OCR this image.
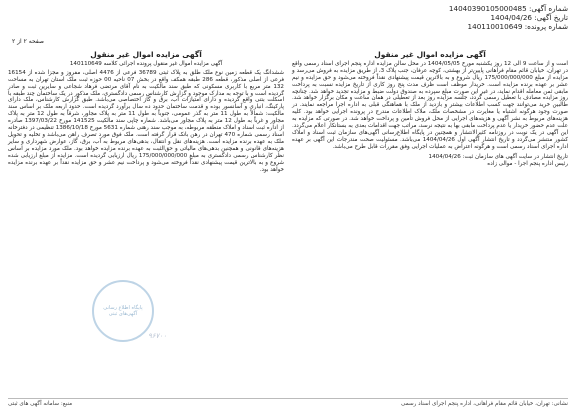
شماره آگهی: 14040390105000485
تاریخ آگهی: 1404/04/26
شماره پرونده: 140110010649
صفحه ۲ از ۲
آگهی مزایده اموال غیر منقول

است و از ساعت 9 الی 12 روز یکشنبه مورخ 1404/05/05 در محل سالن مزایده اداره پنجم اجرای اسناد رسمی واقع در تهران، خیابان قائم مقام فراهانی پایین‌تر از بهشتی، کوچه عرفان، جنب پلاک 3، از طریق مزایده به فروش می‌رسد و مزایده از مبلغ 175/000/000/000 ریال شروع و به بالاترین قیمت پیشنهادی نقداً فروخته می‌شود و حق مزایده و نیم عشر بر عهده برنده مزایده است. خریدار موظف است ظرف مدت پنج روز کاری از تاریخ مزایده نسبت به پرداخت مابقی ثمن معامله اقدام نماید، در غیر این صورت مبلغ سپرده به صندوق دولت ضبط و مزایده تجدید خواهد شد. چنانچه روز مزایده مصادف با تعطیل رسمی گردد، جلسه مزایده روز بعد از تعطیلی در همان ساعت و مکان برگزار خواهد شد. طالبین خرید می‌توانند جهت کسب اطلاعات بیشتر و بازدید از ملک با هماهنگی قبلی به اداره اجرا مراجعه نمایند. در صورت وجود هرگونه اشتباه یا مغایرت در مشخصات ملک، ملاک اطلاعات مندرج در پرونده اجرایی خواهد بود. کلیه هزینه‌های مربوط به نشر آگهی و هزینه‌های اجرایی از محل فروش تأمین و پرداخت خواهد شد. در صورتی که مزایده به علت عدم حضور خریدار یا عدم پرداخت مابقی بها به نتیجه نرسد، مراتب جهت اقدامات بعدی به بستانکار اعلام می‌گردد. این آگهی در یک نوبت در روزنامه کثیرالانتشار و همچنین در پایگاه اطلاع‌رسانی آگهی‌های سازمان ثبت اسناد و املاک کشور منتشر می‌گردد و تاریخ انتشار آگهی اول 1404/04/26 می‌باشد. مسئولیت صحت مندرجات این آگهی بر عهده اداره اجرای اسناد رسمی است و هرگونه اعتراض به عملیات اجرایی وفق مقررات قابل طرح می‌باشد.

تاریخ انتشار در سایت آگهی های سازمان ثبت: 1404/04/26

رئیس اداره پنجم اجرا - موالی زاده

آگهی مزایده اموال غیر منقول

آگهی مزایده اموال غیر منقول پرونده اجرائی کلاسه 140110649

ششدانگ یک قطعه زمین نوع ملک طلق به پلاک ثبتی 36789 فرعی از 4476 اصلی، مفروز و مجزا شده از 16154 فرعی از اصلی مذکور، قطعه 286 طبقه همکف واقع در بخش 07 ناحیه 00 حوزه ثبت ملک استان تهران به مساحت 132 متر مربع با کاربری مسکونی که طبق سند مالکیت به نام آقای مرتضی فرهاد شجاعی و سایرین ثبت و صادر گردیده است و با توجه به مدارک موجود و گزارش کارشناس رسمی دادگستری، ملک مذکور در یک ساختمان چند طبقه با اسکلت بتنی واقع گردیده و دارای امتیازات آب، برق و گاز اختصاصی می‌باشد. طبق گزارش کارشناس، ملک دارای پارکینگ، انباری و آسانسور بوده و قدمت ساختمان حدود ده سال برآورد گردیده است. حدود اربعه ملک بر اساس سند مالکیت: شمالاً به طول 11 متر به گذر عمومی، جنوباً به طول 11 متر به پلاک مجاور، شرقاً به طول 12 متر به پلاک مجاور و غرباً به طول 12 متر به پلاک مجاور می‌باشد. شماره چاپی سند مالکیت 141525 مورخ 1397/03/22 صادره از اداره ثبت اسناد و املاک منطقه مربوطه، به موجب سند رهنی شماره 5631 مورخ 1386/10/18 تنظیمی در دفترخانه اسناد رسمی شماره 470 تهران در رهن بانک قرار گرفته است. ملک فوق مورد تصرف راهن می‌باشد و تخلیه و تحویل ملک به عهده برنده مزایده است. هزینه‌های نقل و انتقال، بدهی‌های مربوط به آب، برق، گاز، عوارض شهرداری و سایر هزینه‌های قانونی و همچنین بدهی‌های مالیاتی و حق‌الثبت به عهده برنده مزایده خواهد بود. ملک مورد مزایده بر اساس نظر کارشناس رسمی دادگستری به مبلغ 175/000/000/000 ریال ارزیابی گردیده است. مزایده از مبلغ ارزیابی شده شروع و به بالاترین قیمت پیشنهادی نقداً فروخته می‌شود و پرداخت نیم عشر و حق مزایده نقداً بر عهده برنده مزایده خواهد بود.

پایگاه اطلاع رسانی آگهی‌های ثبتی
۹۶۷۰۰
نشانی: تهران، خیابان قائم مقام فراهانی، اداره پنجم اجرای اسناد رسمی
منبع: سامانه آگهی های ثبتی
